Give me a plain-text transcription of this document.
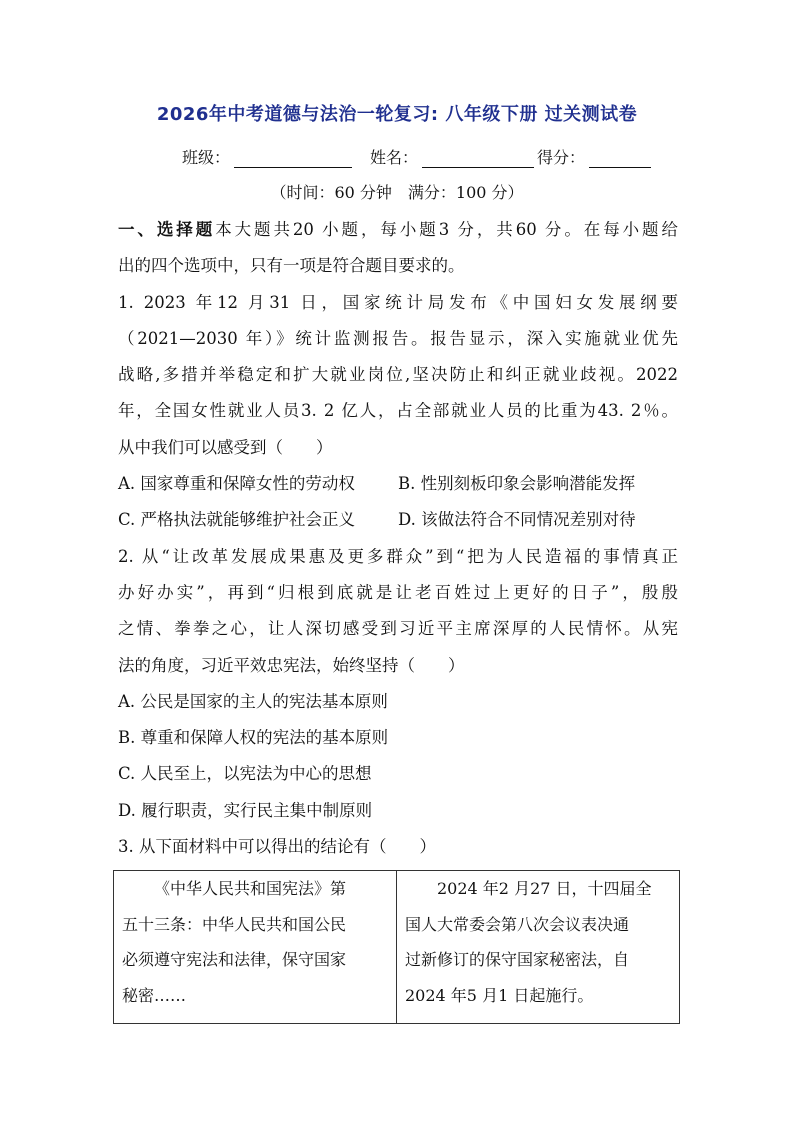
2026年中考道德与法治一轮复习: 八年级下册 过关测试卷
班级：	姓名：	得分：
（时间：60 分钟　满分：100 分）
一、选择题本大题共20 小题，每小题3 分，共60 分。在每小题给
出的四个选项中，只有一项是符合题目要求的。
1. 2023 年12 月31 日，国家统计局发布《中国妇女发展纲要
（2021—2030 年）》统计监测报告。报告显示，深入实施就业优先
战略,多措并举稳定和扩大就业岗位,坚决防止和纠正就业歧视。2022
年，全国女性就业人员3. 2 亿人，占全部就业人员的比重为43. 2％。
从中我们可以感受到（　　）
A. 国家尊重和保障女性的劳动权	B. 性别刻板印象会影响潜能发挥
C. 严格执法就能够维护社会正义	D. 该做法符合不同情况差别对待
2. 从“让改革发展成果惠及更多群众”到“把为人民造福的事情真正
办好办实”，再到“归根到底就是让老百姓过上更好的日子”，殷殷
之情、拳拳之心，让人深切感受到习近平主席深厚的人民情怀。从宪
法的角度，习近平效忠宪法，始终坚持（　　）
A. 公民是国家的主人的宪法基本原则
B. 尊重和保障人权的宪法的基本原则
C. 人民至上，以宪法为中心的思想
D. 履行职责，实行民主集中制原则
3. 从下面材料中可以得出的结论有（　　）
《中华人民共和国宪法》第
五十三条：中华人民共和国公民
必须遵守宪法和法律，保守国家
秘密……

2024 年2 月27 日，十四届全
国人大常委会第八次会议表决通
过新修订的保守国家秘密法，自
2024 年5 月1 日起施行。
